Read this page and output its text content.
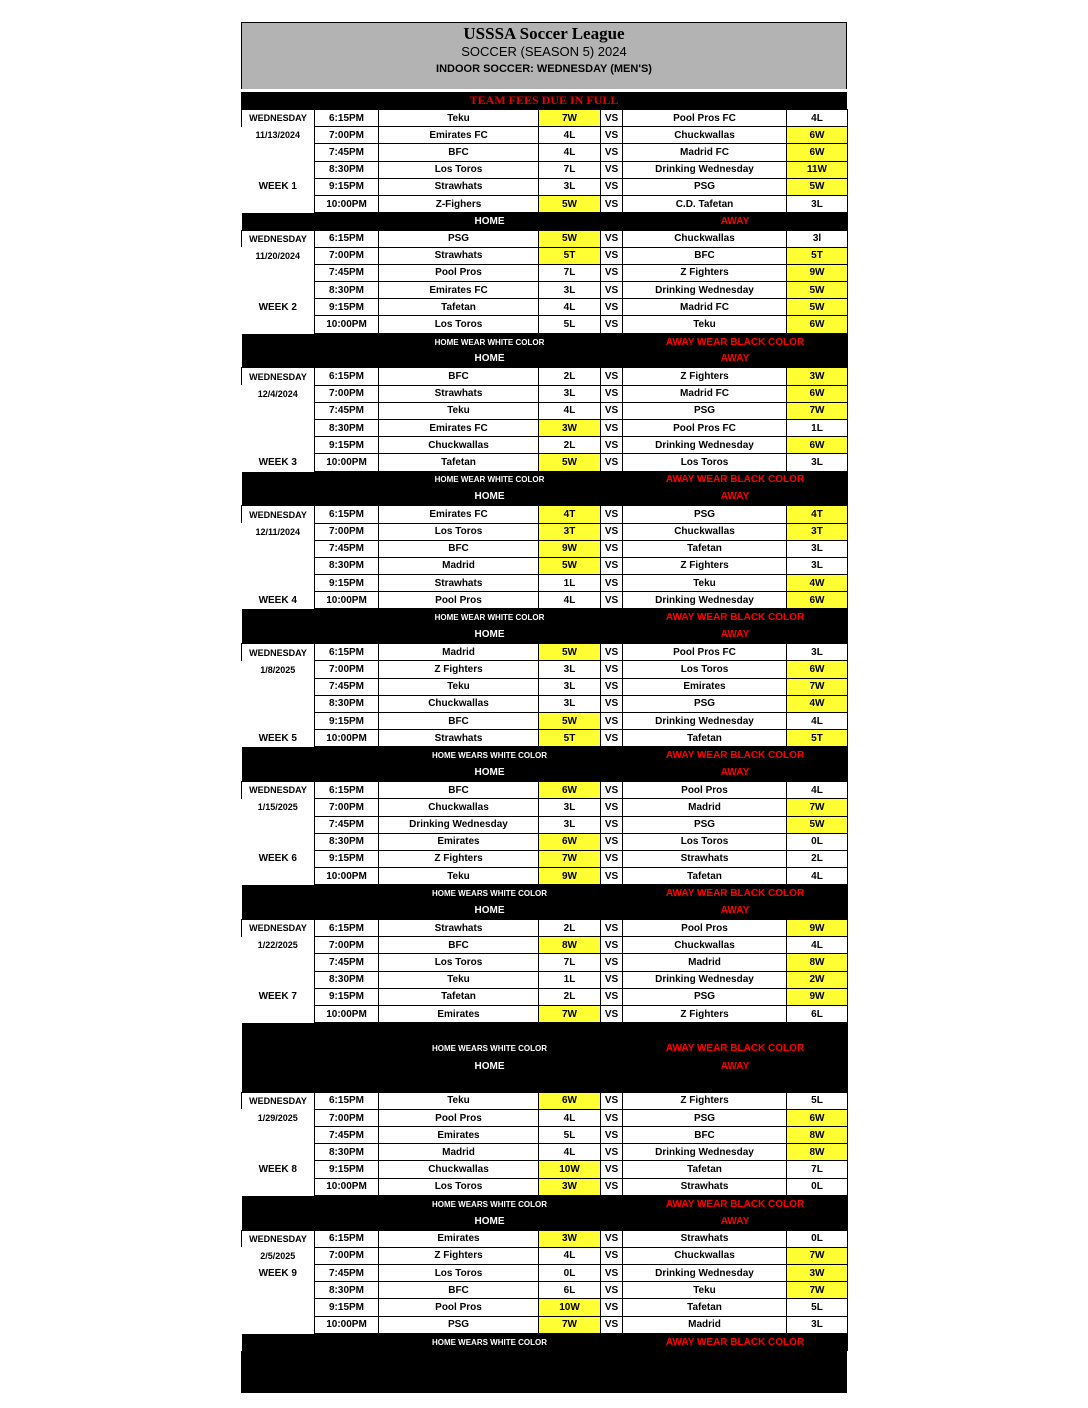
USSSA Soccer League
SOCCER (SEASON 5) 2024
INDOOR SOCCER: WEDNESDAY (MEN'S)
TEAM FEES DUE IN FULL
WEDNESDAY	6:15PM	Teku	7W	VS	Pool Pros FC	4L
11/13/2024	7:00PM	Emirates FC	4L	VS	Chuckwallas	6W
	7:45PM	BFC	4L	VS	Madrid FC	6W
	8:30PM	Los Toros	7L	VS	Drinking Wednesday	11W
WEEK 1	9:15PM	Strawhats	3L	VS	PSG	5W
	10:00PM	Z-Fighers	5W	VS	C.D. Tafetan	3L
		HOME			AWAY	
WEDNESDAY	6:15PM	PSG	5W	VS	Chuckwallas	3l
11/20/2024	7:00PM	Strawhats	5T	VS	BFC	5T
	7:45PM	Pool Pros	7L	VS	Z Fighters	9W
	8:30PM	Emirates FC	3L	VS	Drinking Wednesday	5W
WEEK 2	9:15PM	Tafetan	4L	VS	Madrid FC	5W
	10:00PM	Los Toros	5L	VS	Teku	6W
		HOME WEAR WHITE COLOR			AWAY WEAR BLACK COLOR	
		HOME			AWAY	
WEDNESDAY	6:15PM	BFC	2L	VS	Z Fighters	3W
12/4/2024	7:00PM	Strawhats	3L	VS	Madrid FC	6W
	7:45PM	Teku	4L	VS	PSG	7W
	8:30PM	Emirates FC	3W	VS	Pool Pros FC	1L
	9:15PM	Chuckwallas	2L	VS	Drinking Wednesday	6W
WEEK 3	10:00PM	Tafetan	5W	VS	Los Toros	3L
		HOME WEAR WHITE COLOR			AWAY WEAR BLACK COLOR	
		HOME			AWAY	
WEDNESDAY	6:15PM	Emirates FC	4T	VS	PSG	4T
12/11/2024	7:00PM	Los Toros	3T	VS	Chuckwallas	3T
	7:45PM	BFC	9W	VS	Tafetan	3L
	8:30PM	Madrid	5W	VS	Z Fighters	3L
	9:15PM	Strawhats	1L	VS	Teku	4W
WEEK 4	10:00PM	Pool Pros	4L	VS	Drinking Wednesday	6W
		HOME WEAR WHITE COLOR			AWAY WEAR BLACK COLOR	
		HOME			AWAY	
WEDNESDAY	6:15PM	Madrid	5W	VS	Pool Pros FC	3L
1/8/2025	7:00PM	Z Fighters	3L	VS	Los Toros	6W
	7:45PM	Teku	3L	VS	Emirates	7W
	8:30PM	Chuckwallas	3L	VS	PSG	4W
	9:15PM	BFC	5W	VS	Drinking Wednesday	4L
WEEK 5	10:00PM	Strawhats	5T	VS	Tafetan	5T
		HOME WEARS WHITE COLOR			AWAY WEAR BLACK COLOR	
		HOME			AWAY	
WEDNESDAY	6:15PM	BFC	6W	VS	Pool Pros	4L
1/15/2025	7:00PM	Chuckwallas	3L	VS	Madrid	7W
	7:45PM	Drinking Wednesday	3L	VS	PSG	5W
	8:30PM	Emirates	6W	VS	Los Toros	0L
WEEK 6	9:15PM	Z Fighters	7W	VS	Strawhats	2L
	10:00PM	Teku	9W	VS	Tafetan	4L
		HOME WEARS WHITE COLOR			AWAY WEAR BLACK COLOR	
		HOME			AWAY	
WEDNESDAY	6:15PM	Strawhats	2L	VS	Pool Pros	9W
1/22/2025	7:00PM	BFC	8W	VS	Chuckwallas	4L
	7:45PM	Los Toros	7L	VS	Madrid	8W
	8:30PM	Teku	1L	VS	Drinking Wednesday	2W
WEEK 7	9:15PM	Tafetan	2L	VS	PSG	9W
	10:00PM	Emirates	7W	VS	Z Fighters	6L

		HOME WEARS WHITE COLOR			AWAY WEAR BLACK COLOR	
		HOME			AWAY	

WEDNESDAY	6:15PM	Teku	6W	VS	Z Fighters	5L
1/29/2025	7:00PM	Pool Pros	4L	VS	PSG	6W
	7:45PM	Emirates	5L	VS	BFC	8W
	8:30PM	Madrid	4L	VS	Drinking Wednesday	8W
WEEK 8	9:15PM	Chuckwallas	10W	VS	Tafetan	7L
	10:00PM	Los Toros	3W	VS	Strawhats	0L
		HOME WEARS WHITE COLOR			AWAY WEAR BLACK COLOR	
		HOME			AWAY	
WEDNESDAY	6:15PM	Emirates	3W	VS	Strawhats	0L
2/5/2025	7:00PM	Z Fighters	4L	VS	Chuckwallas	7W
WEEK 9	7:45PM	Los Toros	0L	VS	Drinking Wednesday	3W
	8:30PM	BFC	6L	VS	Teku	7W
	9:15PM	Pool Pros	10W	VS	Tafetan	5L
	10:00PM	PSG	7W	VS	Madrid	3L
		HOME WEARS WHITE COLOR			AWAY WEAR BLACK COLOR	
